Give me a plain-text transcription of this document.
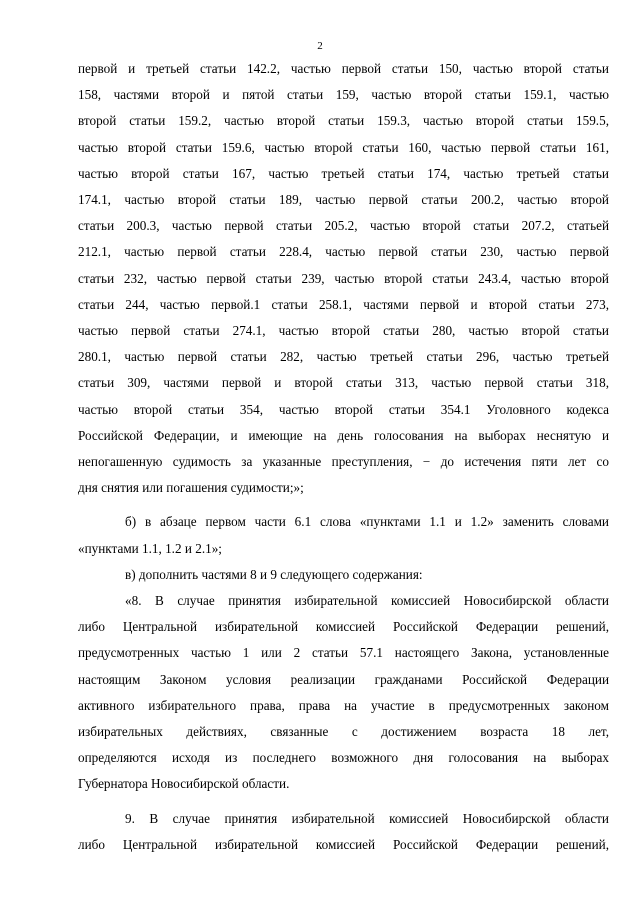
2

первой и третьей статьи 142.2, частью первой статьи 150, частью второй статьи
158, частями второй и пятой статьи 159, частью второй статьи 159.1, частью
второй статьи 159.2, частью второй статьи 159.3, частью второй статьи 159.5,
частью второй статьи 159.6, частью второй статьи 160, частью первой статьи 161,
частью второй статьи 167, частью третьей статьи 174, частью третьей статьи
174.1, частью второй статьи 189, частью первой статьи 200.2, частью второй
статьи 200.3, частью первой статьи 205.2, частью второй статьи 207.2, статьей
212.1, частью первой статьи 228.4, частью первой статьи 230, частью первой
статьи 232, частью первой статьи 239, частью второй статьи 243.4, частью второй
статьи 244, частью первой.1 статьи 258.1, частями первой и второй статьи 273,
частью первой статьи 274.1, частью второй статьи 280, частью второй статьи
280.1, частью первой статьи 282, частью третьей статьи 296, частью третьей
статьи 309, частями первой и второй статьи 313, частью первой статьи 318,
частью второй статьи 354, частью второй статьи 354.1 Уголовного кодекса
Российской Федерации, и имеющие на день голосования на выборах неснятую и
непогашенную судимость за указанные преступления, − до истечения пяти лет со
дня снятия или погашения судимости;»;

б) в абзаце первом части 6.1 слова «пунктами 1.1 и 1.2» заменить словами
«пунктами 1.1, 1.2 и 2.1»;

в) дополнить частями 8 и 9 следующего содержания:

«8. В случае принятия избирательной комиссией Новосибирской области
либо Центральной избирательной комиссией Российской Федерации решений,
предусмотренных частью 1 или 2 статьи 57.1 настоящего Закона, установленные
настоящим Законом условия реализации гражданами Российской Федерации
активного избирательного права, права на участие в предусмотренных законом
избирательных действиях, связанные с достижением возраста 18 лет,
определяются исходя из последнего возможного дня голосования на выборах
Губернатора Новосибирской области.

9. В случае принятия избирательной комиссией Новосибирской области
либо Центральной избирательной комиссией Российской Федерации решений,
